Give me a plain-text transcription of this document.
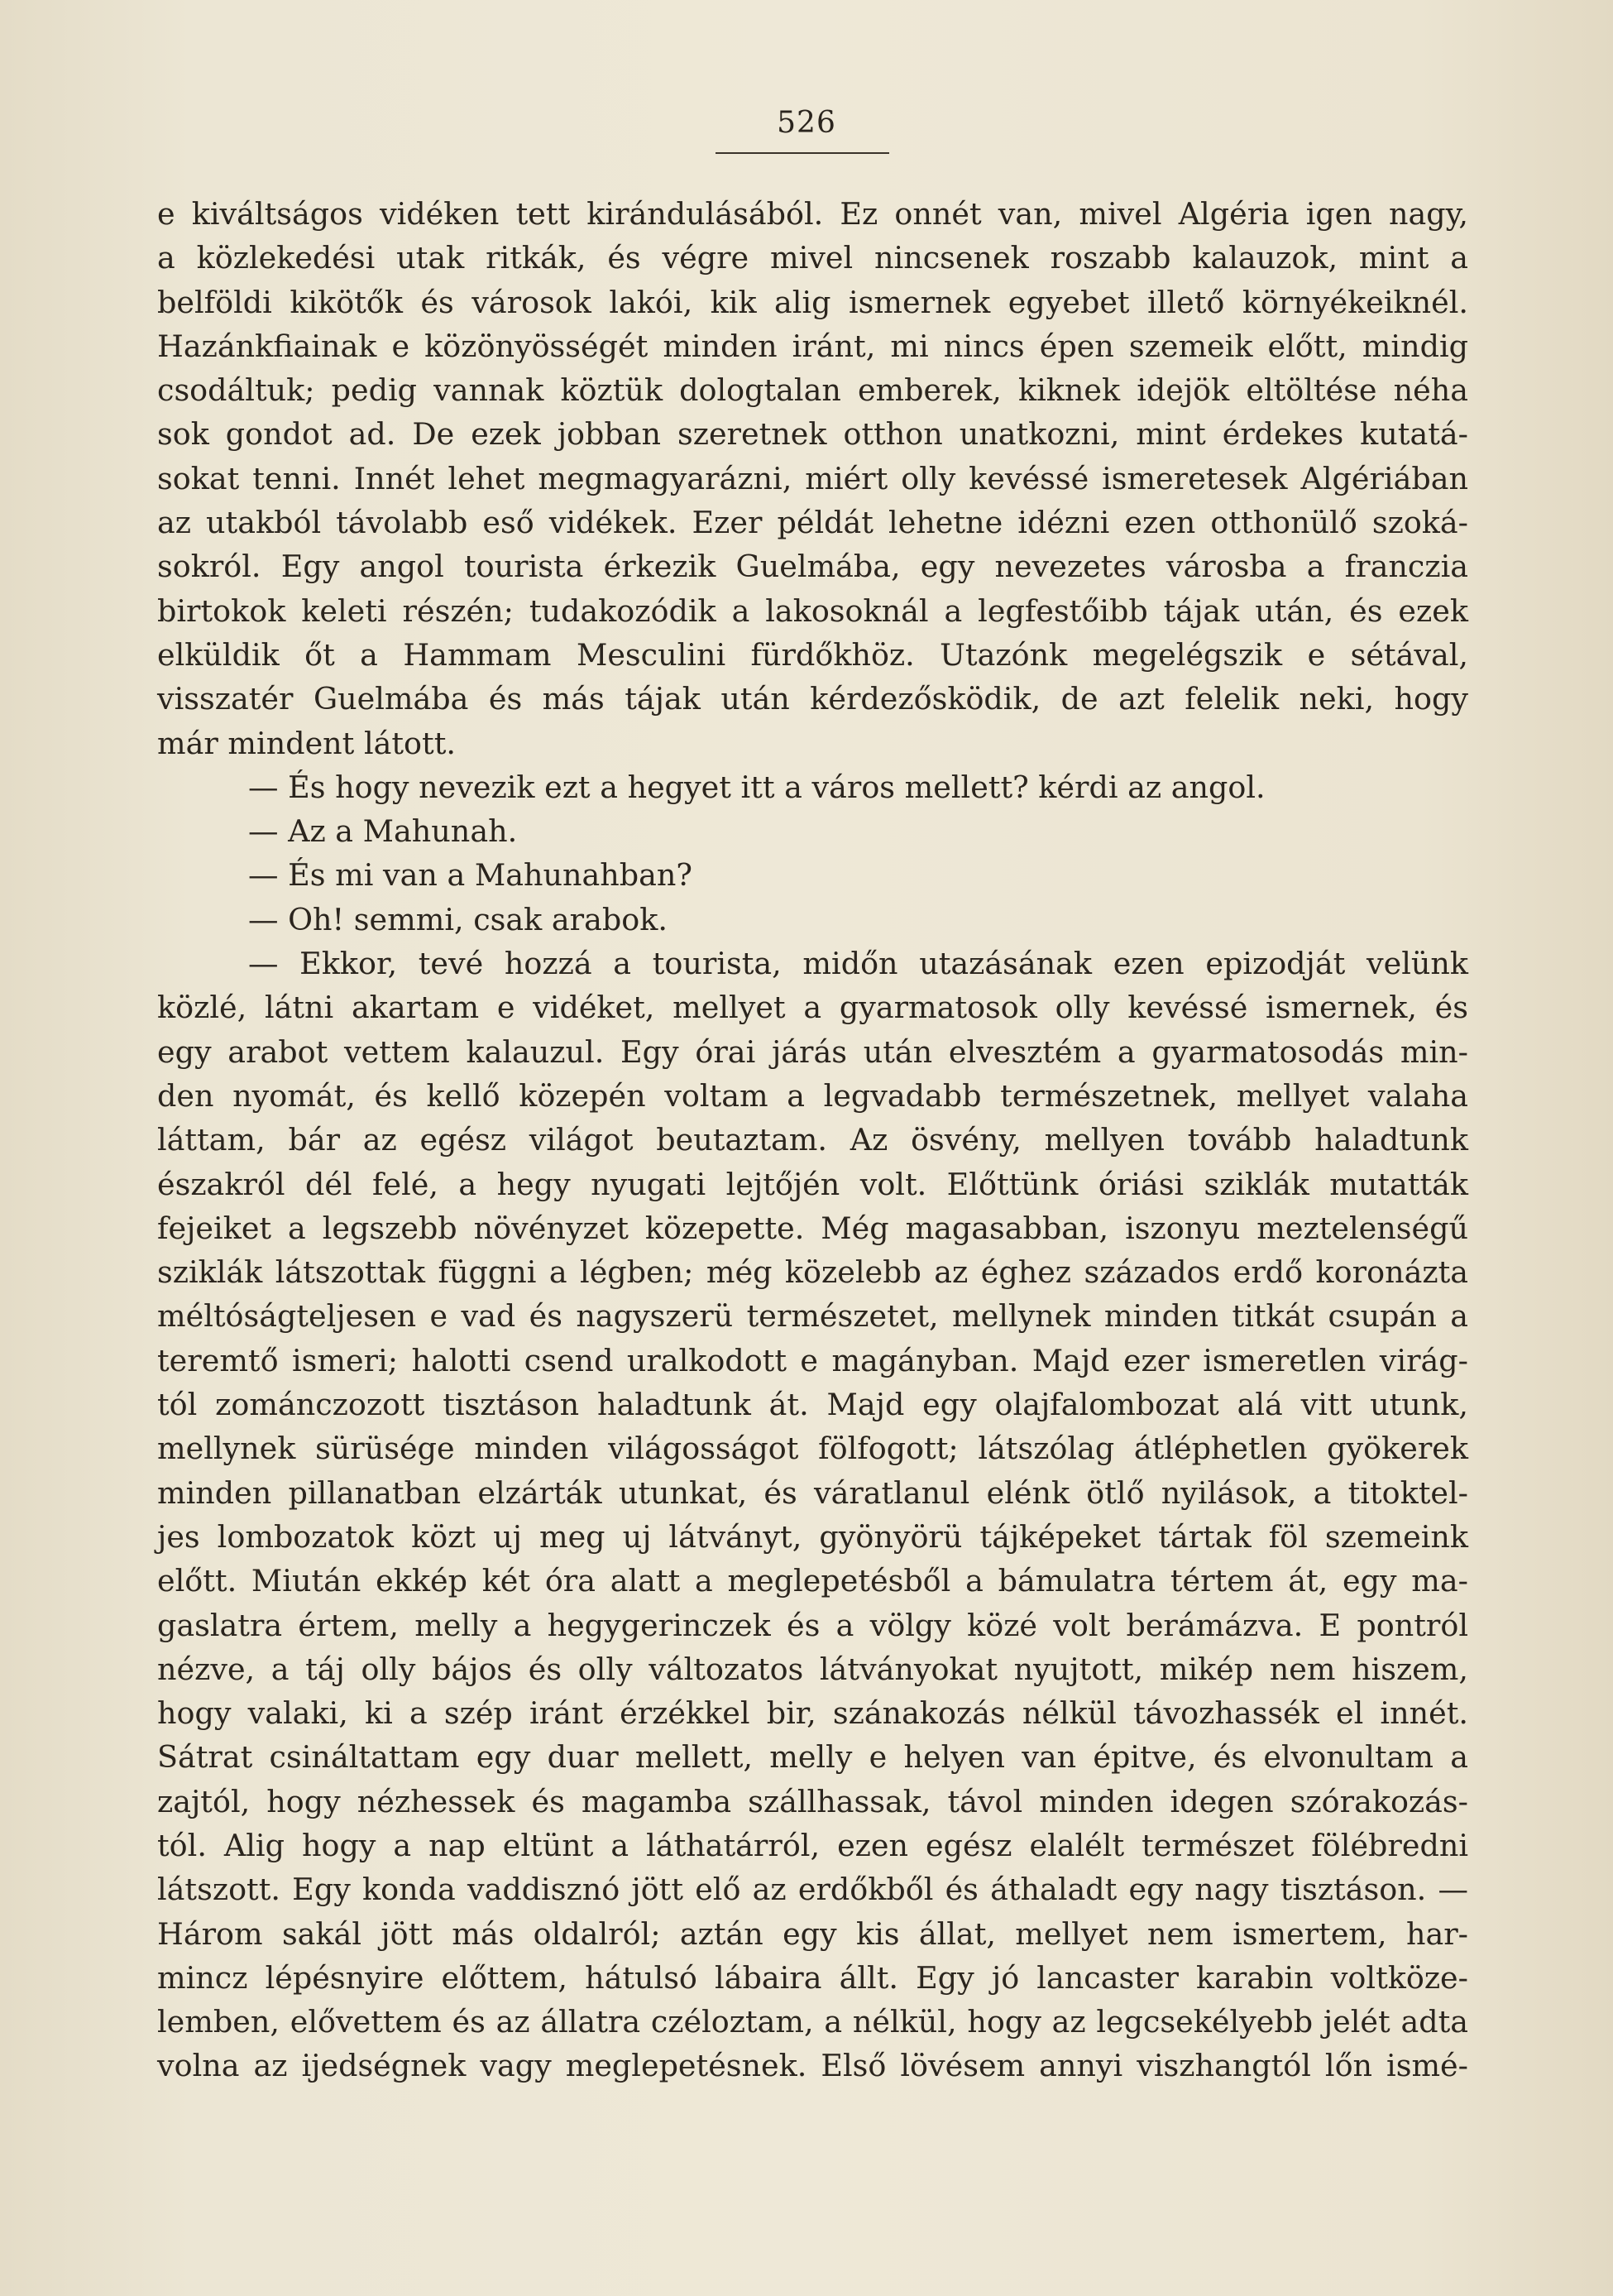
526
e kiváltságos vidéken tett kirándulásából. Ez onnét van, mivel Algéria igen nagy,
a közlekedési utak ritkák, és végre mivel nincsenek roszabb kalauzok, mint a
belföldi kikötők és városok lakói, kik alig ismernek egyebet illető környékeiknél.
Hazánkfiainak e közönyösségét minden iránt, mi nincs épen szemeik előtt, mindig
csodáltuk; pedig vannak köztük dologtalan emberek, kiknek idejök eltöltése néha
sok gondot ad. De ezek jobban szeretnek otthon unatkozni, mint érdekes kutatá-
sokat tenni. Innét lehet megmagyarázni, miért olly kevéssé ismeretesek Algériában
az utakból távolabb eső vidékek. Ezer példát lehetne idézni ezen otthonülő szoká-
sokról. Egy angol tourista érkezik Guelmába, egy nevezetes városba a franczia
birtokok keleti részén; tudakozódik a lakosoknál a legfestőibb tájak után, és ezek
elküldik őt a Hammam Mesculini fürdőkhöz. Utazónk megelégszik e sétával,
visszatér Guelmába és más tájak után kérdezősködik, de azt felelik neki, hogy
már mindent látott.
— És hogy nevezik ezt a hegyet itt a város mellett? kérdi az angol.
— Az a Mahunah.
— És mi van a Mahunahban?
— Oh! semmi, csak arabok.
— Ekkor, tevé hozzá a tourista, midőn utazásának ezen epizodját velünk
közlé, látni akartam e vidéket, mellyet a gyarmatosok olly kevéssé ismernek, és
egy arabot vettem kalauzul. Egy órai járás után elvesztém a gyarmatosodás min-
den nyomát, és kellő közepén voltam a legvadabb természetnek, mellyet valaha
láttam, bár az egész világot beutaztam. Az ösvény, mellyen tovább haladtunk
északról dél felé, a hegy nyugati lejtőjén volt. Előttünk óriási sziklák mutatták
fejeiket a legszebb növényzet közepette. Még magasabban, iszonyu meztelenségű
sziklák látszottak függni a légben; még közelebb az éghez százados erdő koronázta
méltóságteljesen e vad és nagyszerü természetet, mellynek minden titkát csupán a
teremtő ismeri; halotti csend uralkodott e magányban. Majd ezer ismeretlen virág-
tól zománczozott tisztáson haladtunk át. Majd egy olajfalombozat alá vitt utunk,
mellynek sürüsége minden világosságot fölfogott; látszólag átléphetlen gyökerek
minden pillanatban elzárták utunkat, és váratlanul elénk ötlő nyilások, a titoktel-
jes lombozatok közt uj meg uj látványt, gyönyörü tájképeket tártak föl szemeink
előtt. Miután ekkép két óra alatt a meglepetésből a bámulatra tértem át, egy ma-
gaslatra értem, melly a hegygerinczek és a völgy közé volt berámázva. E pontról
nézve, a táj olly bájos és olly változatos látványokat nyujtott, mikép nem hiszem,
hogy valaki, ki a szép iránt érzékkel bir, szánakozás nélkül távozhassék el innét.
Sátrat csináltattam egy duar mellett, melly e helyen van épitve, és elvonultam a
zajtól, hogy nézhessek és magamba szállhassak, távol minden idegen szórakozás-
tól. Alig hogy a nap eltünt a láthatárról, ezen egész elalélt természet fölébredni
látszott. Egy konda vaddisznó jött elő az erdőkből és áthaladt egy nagy tisztáson. —
Három sakál jött más oldalról; aztán egy kis állat, mellyet nem ismertem, har-
mincz lépésnyire előttem, hátulsó lábaira állt. Egy jó lancaster karabin voltköze-
lemben, elővettem és az állatra czéloztam, a nélkül, hogy az legcsekélyebb jelét adta
volna az ijedségnek vagy meglepetésnek. Első lövésem annyi viszhangtól lőn ismé-
